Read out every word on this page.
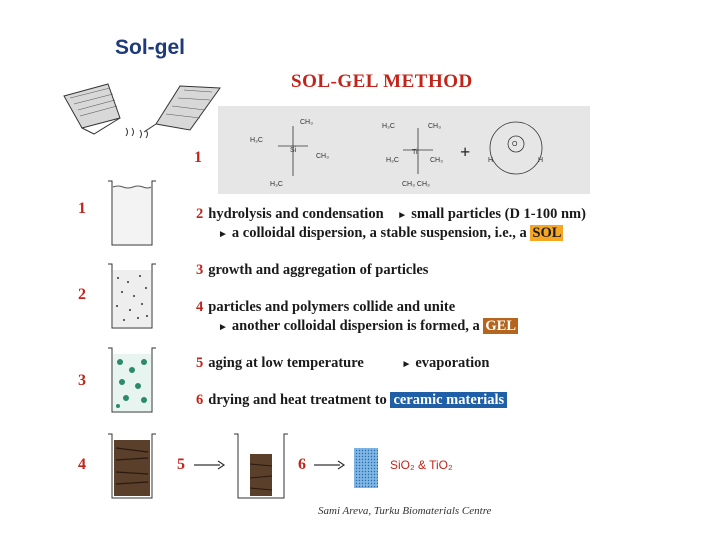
Sol-gel
SOL-GEL METHOD
H₃C
CH₃
Si
CH₃
H₃C
H₃C
Ti
CH₃
H₃C	CH₃
CH₃ CH₃
O
H	H
+
1
1
2
3
4
2 hydrolysis and condensation ► small particles (D 1-100 nm)
► a colloidal dispersion, a stable suspension, i.e., a SOL
3 growth and aggregation of particles
4 particles and polymers collide and unite
► another colloidal dispersion is formed, a GEL
5 aging at low temperature	► evaporation
6 drying and heat treatment to ceramic materials
5	6	SiO₂ & TiO₂
Sami Areva, Turku Biomaterials Centre
